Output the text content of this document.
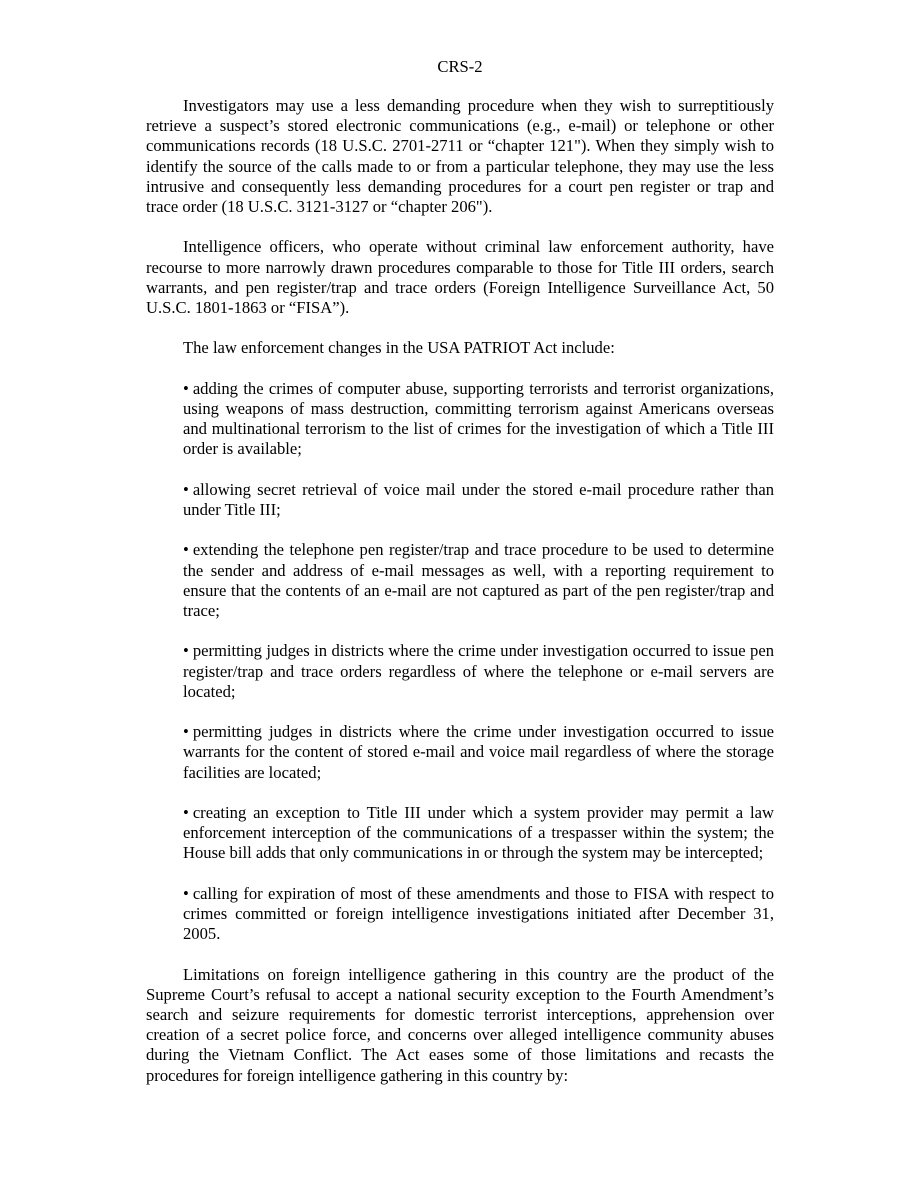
CRS-2

Investigators may use a less demanding procedure when they wish to surreptitiously retrieve a suspect’s stored electronic communications (e.g., e-mail) or telephone or other communications records (18 U.S.C. 2701-2711 or “chapter 121"). When they simply wish to identify the source of the calls made to or from a particular telephone, they may use the less intrusive and consequently less demanding procedures for a court pen register or trap and trace order (18 U.S.C. 3121-3127 or “chapter 206").

Intelligence officers, who operate without criminal law enforcement authority, have recourse to more narrowly drawn procedures comparable to those for Title III orders, search warrants, and pen register/trap and trace orders (Foreign Intelligence Surveillance Act, 50 U.S.C. 1801-1863 or “FISA”).

The law enforcement changes in the USA PATRIOT Act include:

• adding the crimes of computer abuse, supporting terrorists and terrorist organizations, using weapons of mass destruction, committing terrorism against Americans overseas and multinational terrorism to the list of crimes for the investigation of which a Title III order is available;
• allowing secret retrieval of voice mail under the stored e-mail procedure rather than under Title III;
• extending the telephone pen register/trap and trace procedure to be used to determine the sender and address of e-mail messages as well, with a reporting requirement to ensure that the contents of an e-mail are not captured as part of the pen register/trap and trace;
• permitting judges in districts where the crime under investigation occurred to issue pen register/trap and trace orders regardless of where the telephone or e-mail servers are located;
• permitting judges in districts where the crime under investigation occurred to issue warrants for the content of stored e-mail and voice mail regardless of where the storage facilities are located;
• creating an exception to Title III under which a system provider may permit a law enforcement interception of the communications of a trespasser within the system; the House bill adds that only communications in or through the system may be intercepted;
• calling for expiration of most of these amendments and those to FISA with respect to crimes committed or foreign intelligence investigations initiated after December 31, 2005.

Limitations on foreign intelligence gathering in this country are the product of the Supreme Court’s refusal to accept a national security exception to the Fourth Amendment’s search and seizure requirements for domestic terrorist interceptions, apprehension over creation of a secret police force, and concerns over alleged intelligence community abuses during the Vietnam Conflict. The Act eases some of those limitations and recasts the procedures for foreign intelligence gathering in this country by:
